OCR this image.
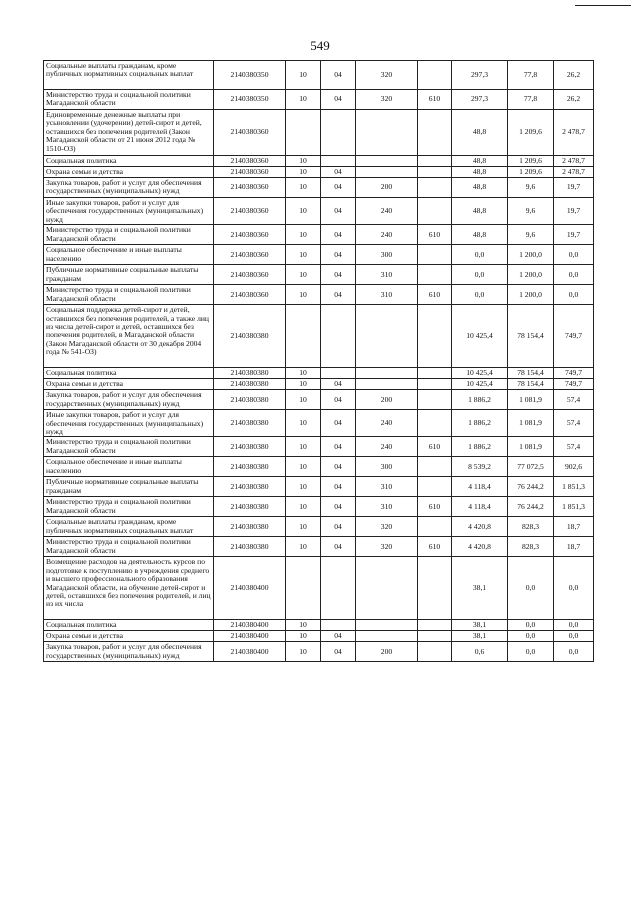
549
Социальные выплаты гражданам, кроме публичных нормативных социальных выплат	2140380350	10	04	320		297,3	77,8	26,2
Министерство труда и социальной политики Магаданской области	2140380350	10	04	320	610	297,3	77,8	26,2
Единовременные денежные выплаты при усыновлении (удочерении) детей-сирот и детей, оставшихся без попечения родителей (Закон Магаданской области от 21 июня 2012 года № 1510-ОЗ)	2140380360					48,8	1 209,6	2 478,7
Социальная политика	2140380360	10				48,8	1 209,6	2 478,7
Охрана семьи и детства	2140380360	10	04			48,8	1 209,6	2 478,7
Закупка товаров, работ и услуг для обеспечения государственных (муниципальных) нужд	2140380360	10	04	200		48,8	9,6	19,7
Иные закупки товаров, работ и услуг для обеспечения государственных (муниципальных) нужд	2140380360	10	04	240		48,8	9,6	19,7
Министерство труда и социальной политики Магаданской области	2140380360	10	04	240	610	48,8	9,6	19,7
Социальное обеспечение и иные выплаты населению	2140380360	10	04	300		0,0	1 200,0	0,0
Публичные нормативные социальные выплаты гражданам	2140380360	10	04	310		0,0	1 200,0	0,0
Министерство труда и социальной политики Магаданской области	2140380360	10	04	310	610	0,0	1 200,0	0,0
Социальная поддержка детей-сирот и детей, оставшихся без попечения родителей, а также лиц из числа детей-сирот и детей, оставшихся без попечения родителей, в Магаданской области (Закон Магаданской области от 30 декабря 2004 года № 541-ОЗ)	2140380380					10 425,4	78 154,4	749,7
Социальная политика	2140380380	10				10 425,4	78 154,4	749,7
Охрана семьи и детства	2140380380	10	04			10 425,4	78 154,4	749,7
Закупка товаров, работ и услуг для обеспечения государственных (муниципальных) нужд	2140380380	10	04	200		1 886,2	1 081,9	57,4
Иные закупки товаров, работ и услуг для обеспечения государственных (муниципальных) нужд	2140380380	10	04	240		1 886,2	1 081,9	57,4
Министерство труда и социальной политики Магаданской области	2140380380	10	04	240	610	1 886,2	1 081,9	57,4
Социальное обеспечение и иные выплаты населению	2140380380	10	04	300		8 539,2	77 072,5	902,6
Публичные нормативные социальные выплаты гражданам	2140380380	10	04	310		4 118,4	76 244,2	1 851,3
Министерство труда и социальной политики Магаданской области	2140380380	10	04	310	610	4 118,4	76 244,2	1 851,3
Социальные выплаты гражданам, кроме публичных нормативных социальных выплат	2140380380	10	04	320		4 420,8	828,3	18,7
Министерство труда и социальной политики Магаданской области	2140380380	10	04	320	610	4 420,8	828,3	18,7
Возмещение расходов на деятельность курсов по подготовке к поступлению в учреждения среднего и высшего профессионального образования Магаданской области, на обучение детей-сирот и детей, оставшихся без попечения родителей, и лиц из их числа	2140380400					38,1	0,0	0,0
Социальная политика	2140380400	10				38,1	0,0	0,0
Охрана семьи и детства	2140380400	10	04			38,1	0,0	0,0
Закупка товаров, работ и услуг для обеспечения государственных (муниципальных) нужд	2140380400	10	04	200		0,6	0,0	0,0
